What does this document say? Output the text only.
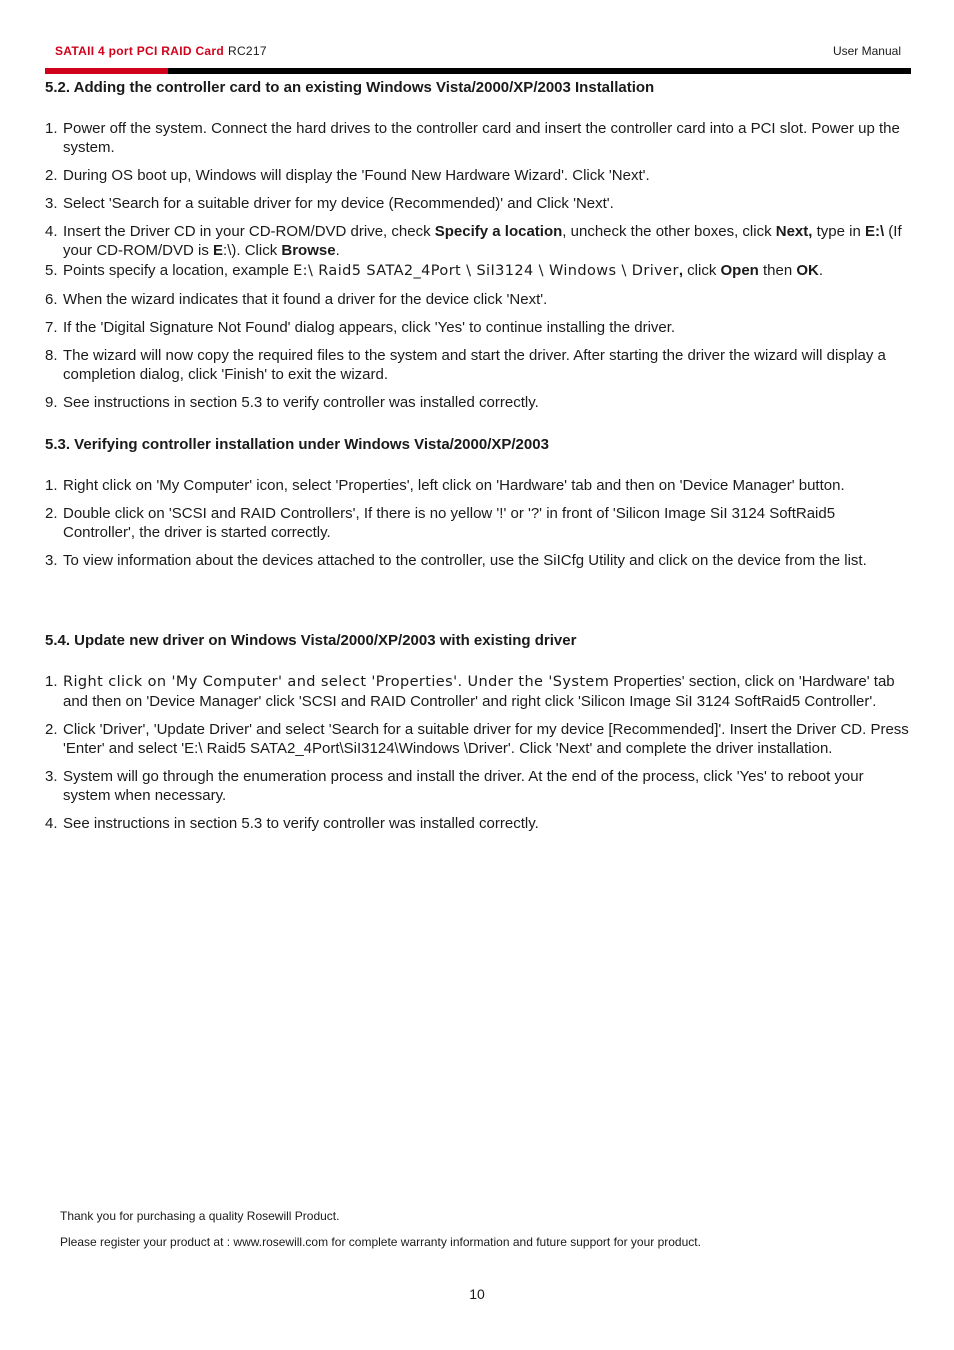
SATAII 4 port PCI RAID Card RC217	User Manual
5.2. Adding the controller card to an existing Windows Vista/2000/XP/2003 Installation
1. Power off the system. Connect the hard drives to the controller card and insert the controller card into a PCI slot. Power up the system.
2. During OS boot up, Windows will display the 'Found New Hardware Wizard'. Click 'Next'.
3. Select 'Search for a suitable driver for my device (Recommended)' and Click 'Next'.
4. Insert the Driver CD in your CD-ROM/DVD drive, check Specify a location, uncheck the other boxes, click Next, type in E:\ (If your CD-ROM/DVD is E:\). Click Browse.
5. Points specify a location, example E:\ Raid5 SATA2_4Port \ SiI3124 \ Windows \ Driver, click Open then OK.
6. When the wizard indicates that it found a driver for the device click 'Next'.
7. If the 'Digital Signature Not Found' dialog appears, click 'Yes' to continue installing the driver.
8. The wizard will now copy the required files to the system and start the driver. After starting the driver the wizard will display a completion dialog, click 'Finish' to exit the wizard.
9. See instructions in section 5.3 to verify controller was installed correctly.
5.3. Verifying controller installation under Windows Vista/2000/XP/2003
1. Right click on 'My Computer' icon, select 'Properties', left click on 'Hardware' tab and then on 'Device Manager' button.
2. Double click on 'SCSI and RAID Controllers', If there is no yellow '!' or '?' in front of 'Silicon Image SiI 3124 SoftRaid5 Controller', the driver is started correctly.
3. To view information about the devices attached to the controller, use the SiICfg Utility and click on the device from the list.
5.4. Update new driver on Windows Vista/2000/XP/2003 with existing driver
1. Right click on 'My Computer' and select 'Properties'. Under the 'System Properties' section, click on 'Hardware' tab and then on 'Device Manager' click 'SCSI and RAID Controller' and right click 'Silicon Image SiI 3124 SoftRaid5 Controller'.
2. Click 'Driver', 'Update Driver' and select 'Search for a suitable driver for my device [Recommended]'. Insert the Driver CD. Press 'Enter' and select 'E:\ Raid5 SATA2_4Port\SiI3124\Windows \Driver'. Click 'Next' and complete the driver installation.
3. System will go through the enumeration process and install the driver. At the end of the process, click 'Yes' to reboot your system when necessary.
4. See instructions in section 5.3 to verify controller was installed correctly.

Thank you for purchasing a quality Rosewill Product.

Please register your product at : www.rosewill.com for complete warranty information and future support for your product.

10
